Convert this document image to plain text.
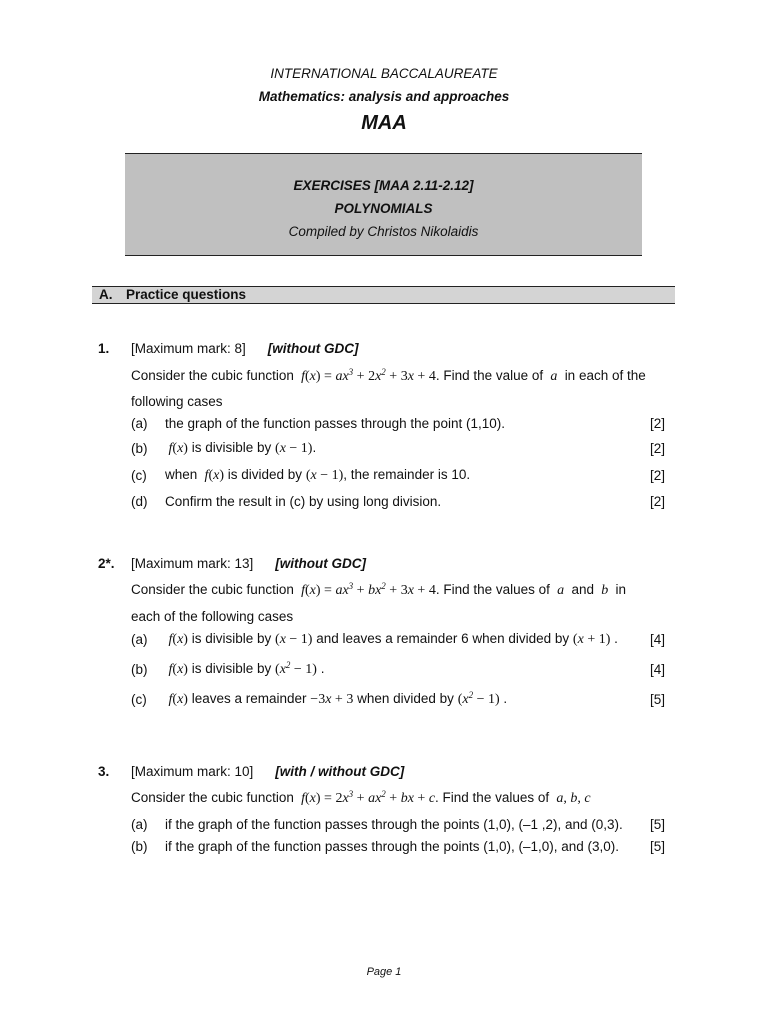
INTERNATIONAL BACCALAUREATE
Mathematics: analysis and approaches
MAA
EXERCISES [MAA 2.11-2.12]
POLYNOMIALS
Compiled by Christos Nikolaidis
A. Practice questions
1. [Maximum mark: 8] [without GDC]
Consider the cubic function  $f(x) = ax^3 + 2x^2 + 3x + 4$. Find the value of  a  in each of the
following cases
(a) the graph of the function passes through the point (1,10).	[2]
(b) f(x) is divisible by (x − 1).	[2]
(c) when  f(x) is divided by (x − 1), the remainder is 10.	[2]
(d) Confirm the result in (c) by using long division.	[2]
2*. [Maximum mark: 13] [without GDC]
Consider the cubic function  $f(x) = ax^3 + bx^2 + 3x + 4$. Find the values of  a  and  b  in
each of the following cases
(a) f(x) is divisible by (x − 1) and leaves a remainder 6 when divided by (x + 1) . [4]
(b) f(x) is divisible by $(x^2 - 1)$ .	[4]
(c) f(x) leaves a remainder −3x + 3 when divided by $(x^2 - 1)$ .	[5]
3. [Maximum mark: 10] [with / without GDC]
Consider the cubic function  $f(x) = 2x^3 + ax^2$ + bx + c. Find the values of  a, b, c
(a) if the graph of the function passes through the points (1,0), (–1 ,2), and (0,3). [5]
(b) if the graph of the function passes through the points (1,0), (–1,0), and (3,0). [5]
Page 1
